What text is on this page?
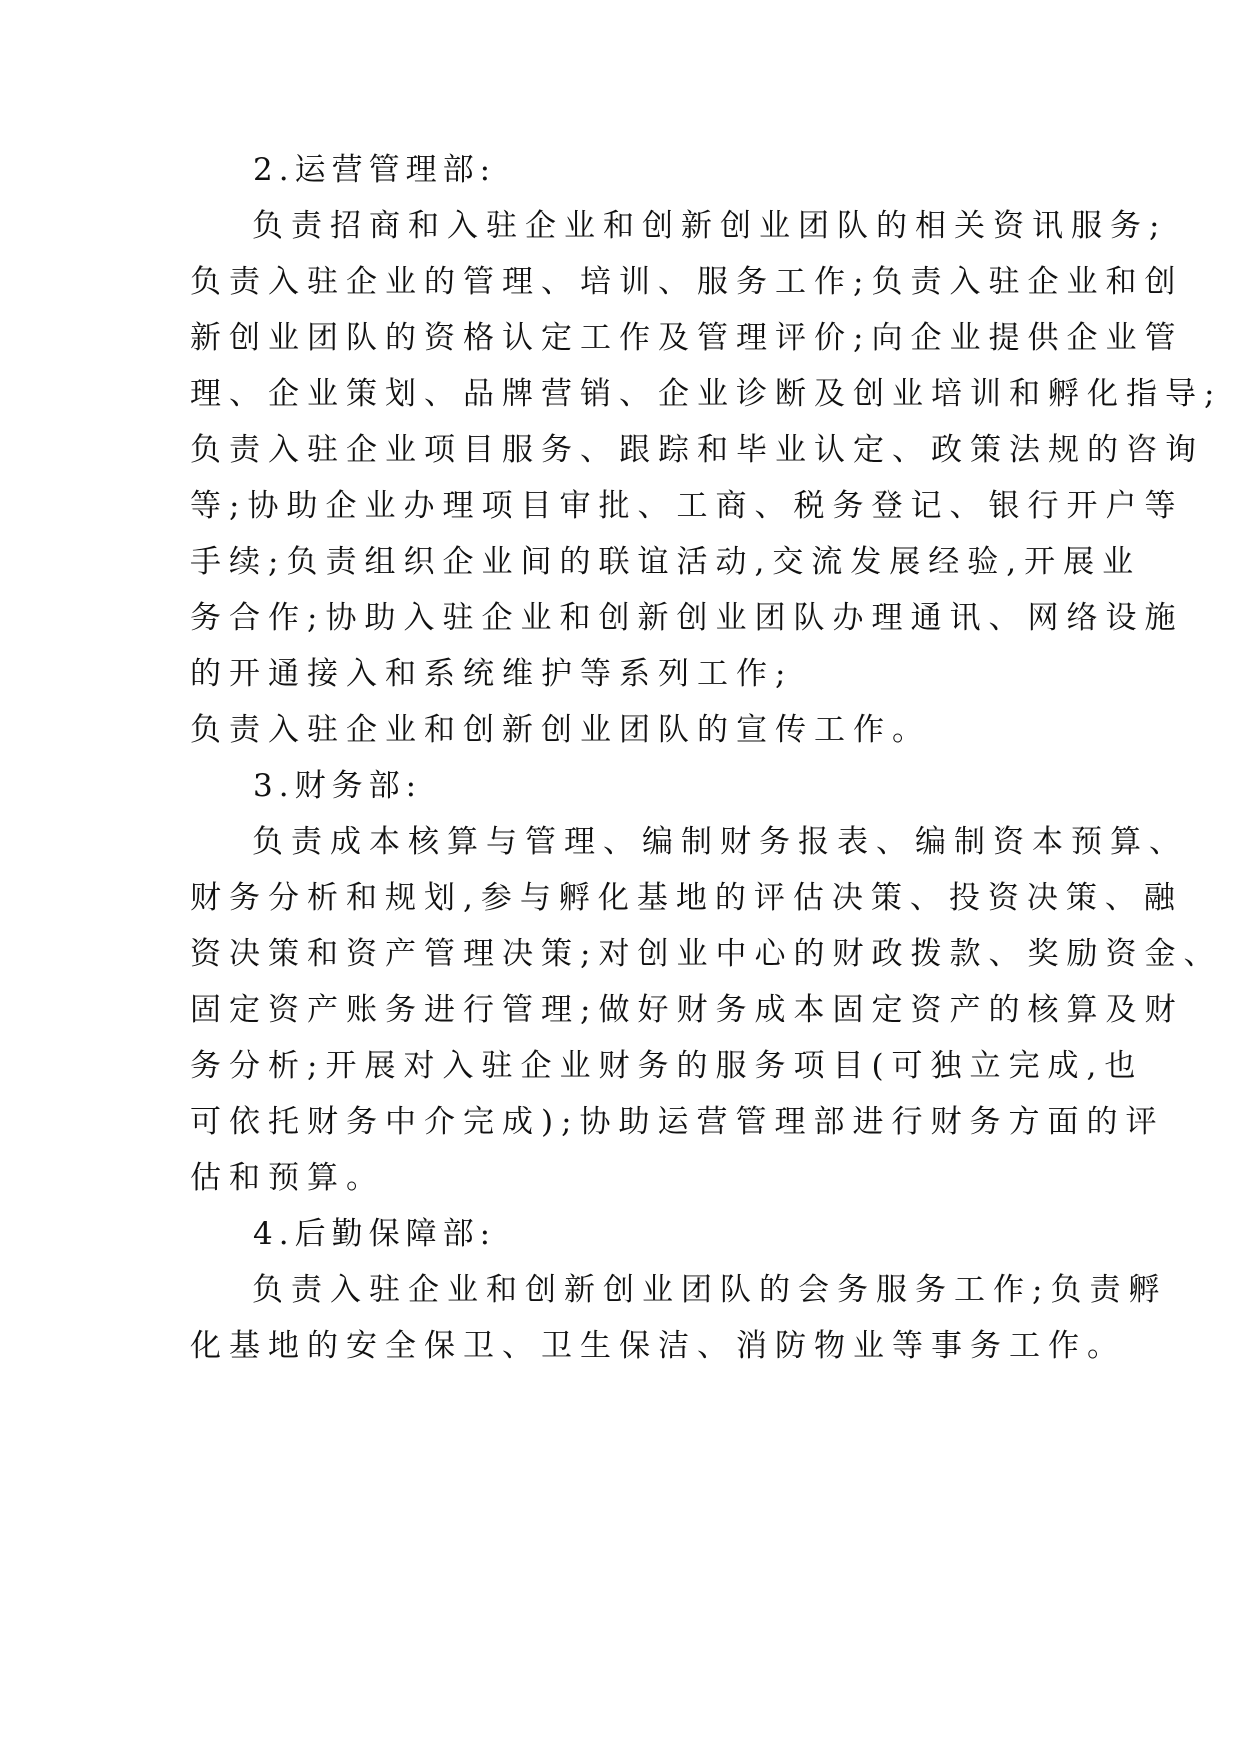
2.运营管理部:
负责招商和入驻企业和创新创业团队的相关资讯服务;
负责入驻企业的管理、培训、服务工作;负责入驻企业和创
新创业团队的资格认定工作及管理评价;向企业提供企业管
理、企业策划、品牌营销、企业诊断及创业培训和孵化指导;
负责入驻企业项目服务、跟踪和毕业认定、政策法规的咨询
等;协助企业办理项目审批、工商、税务登记、银行开户等
手续;负责组织企业间的联谊活动,交流发展经验,开展业
务合作;协助入驻企业和创新创业团队办理通讯、网络设施
的开通接入和系统维护等系列工作;
负责入驻企业和创新创业团队的宣传工作。
3.财务部:
负责成本核算与管理、编制财务报表、编制资本预算、
财务分析和规划,参与孵化基地的评估决策、投资决策、融
资决策和资产管理决策;对创业中心的财政拨款、奖励资金、
固定资产账务进行管理;做好财务成本固定资产的核算及财
务分析;开展对入驻企业财务的服务项目(可独立完成,也
可依托财务中介完成);协助运营管理部进行财务方面的评
估和预算。
4.后勤保障部:
负责入驻企业和创新创业团队的会务服务工作;负责孵
化基地的安全保卫、卫生保洁、消防物业等事务工作。
